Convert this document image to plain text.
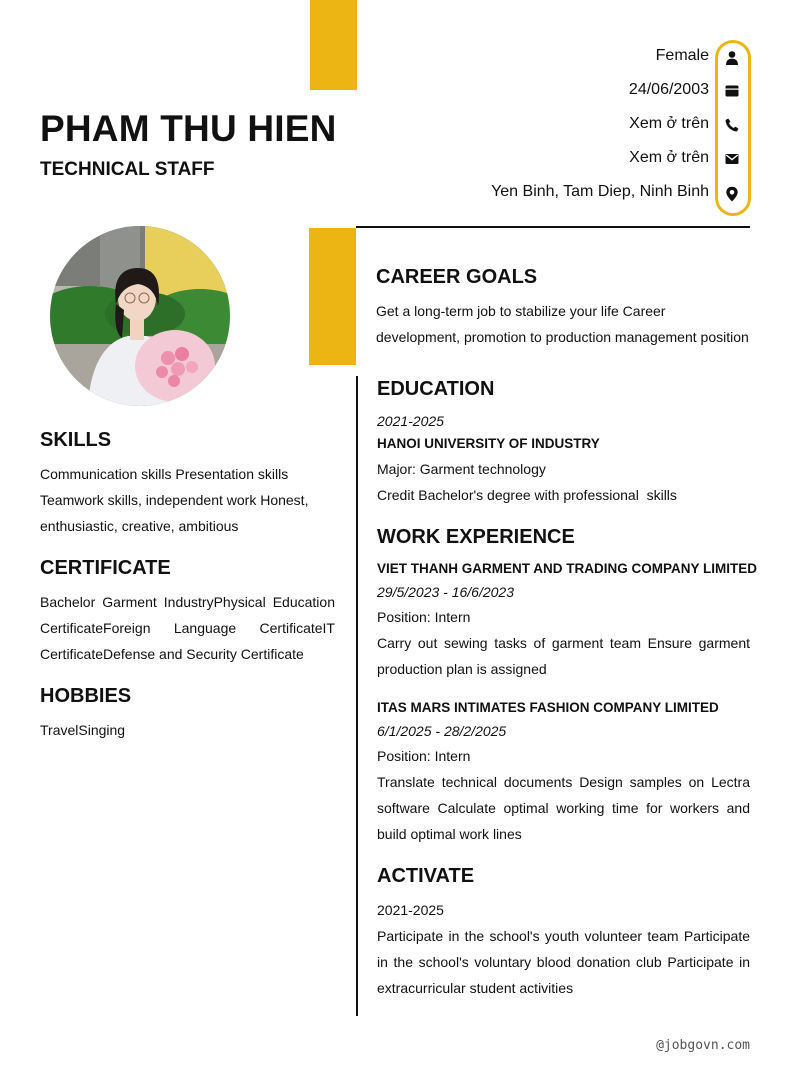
PHAM THU HIEN
TECHNICAL STAFF
Female
24/06/2003
Xem ở trên
Xem ở trên
Yen Binh, Tam Diep, Ninh Binh
CAREER GOALS
Get a long-term job to stabilize your life Career development, promotion to production management position
SKILLS
Communication skills Presentation skills Teamwork skills, independent work Honest, enthusiastic, creative, ambitious
CERTIFICATE
Bachelor Garment IndustryPhysical Education CertificateForeign Language CertificateIT CertificateDefense and Security Certificate
HOBBIES
TravelSinging
EDUCATION
2021-2025
HANOI UNIVERSITY OF INDUSTRY
Major: Garment technology
Credit Bachelor's degree with professional  skills
WORK EXPERIENCE
VIET THANH GARMENT AND TRADING COMPANY LIMITED
29/5/2023 - 16/6/2023
Position: Intern
Carry out sewing tasks of garment team Ensure garment production plan is assigned
ITAS MARS INTIMATES FASHION COMPANY LIMITED
6/1/2025 - 28/2/2025
Position: Intern
Translate technical documents Design samples on Lectra software Calculate optimal working time for workers and build optimal work lines
ACTIVATE
2021-2025
Participate in the school's youth volunteer team Participate in the school's voluntary blood donation club Participate in extracurricular student activities
@jobgovn.com
